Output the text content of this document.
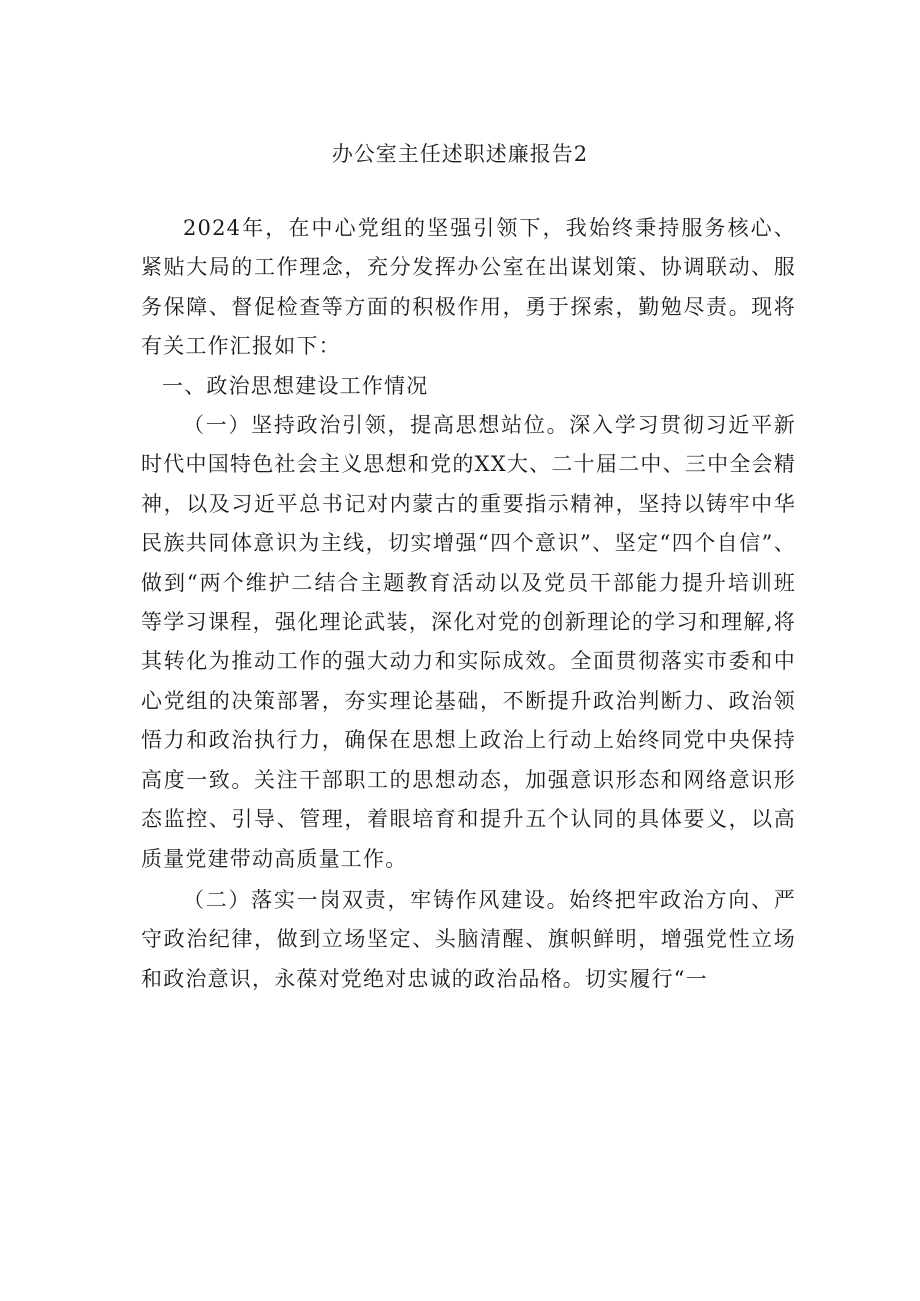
办公室主任述职述廉报告2

2024年，在中心党组的坚强引领下，我始终秉持服务核心、紧贴大局的工作理念，充分发挥办公室在出谋划策、协调联动、服务保障、督促检查等方面的积极作用，勇于探索，勤勉尽责。现将有关工作汇报如下：

一、政治思想建设工作情况

（一）坚持政治引领，提高思想站位。深入学习贯彻习近平新时代中国特色社会主义思想和党的XX大、二十届二中、三中全会精神，以及习近平总书记对内蒙古的重要指示精神，坚持以铸牢中华民族共同体意识为主线，切实增强“四个意识”、坚定“四个自信”、做到“两个维护二结合主题教育活动以及党员干部能力提升培训班等学习课程，强化理论武装，深化对党的创新理论的学习和理解,将其转化为推动工作的强大动力和实际成效。全面贯彻落实市委和中心党组的决策部署，夯实理论基础，不断提升政治判断力、政治领悟力和政治执行力，确保在思想上政治上行动上始终同党中央保持高度一致。关注干部职工的思想动态，加强意识形态和网络意识形态监控、引导、管理，着眼培育和提升五个认同的具体要义，以高质量党建带动高质量工作。

（二）落实一岗双责，牢铸作风建设。始终把牢政治方向、严守政治纪律，做到立场坚定、头脑清醒、旗帜鲜明，增强党性立场和政治意识，永葆对党绝对忠诚的政治品格。切实履行“一
